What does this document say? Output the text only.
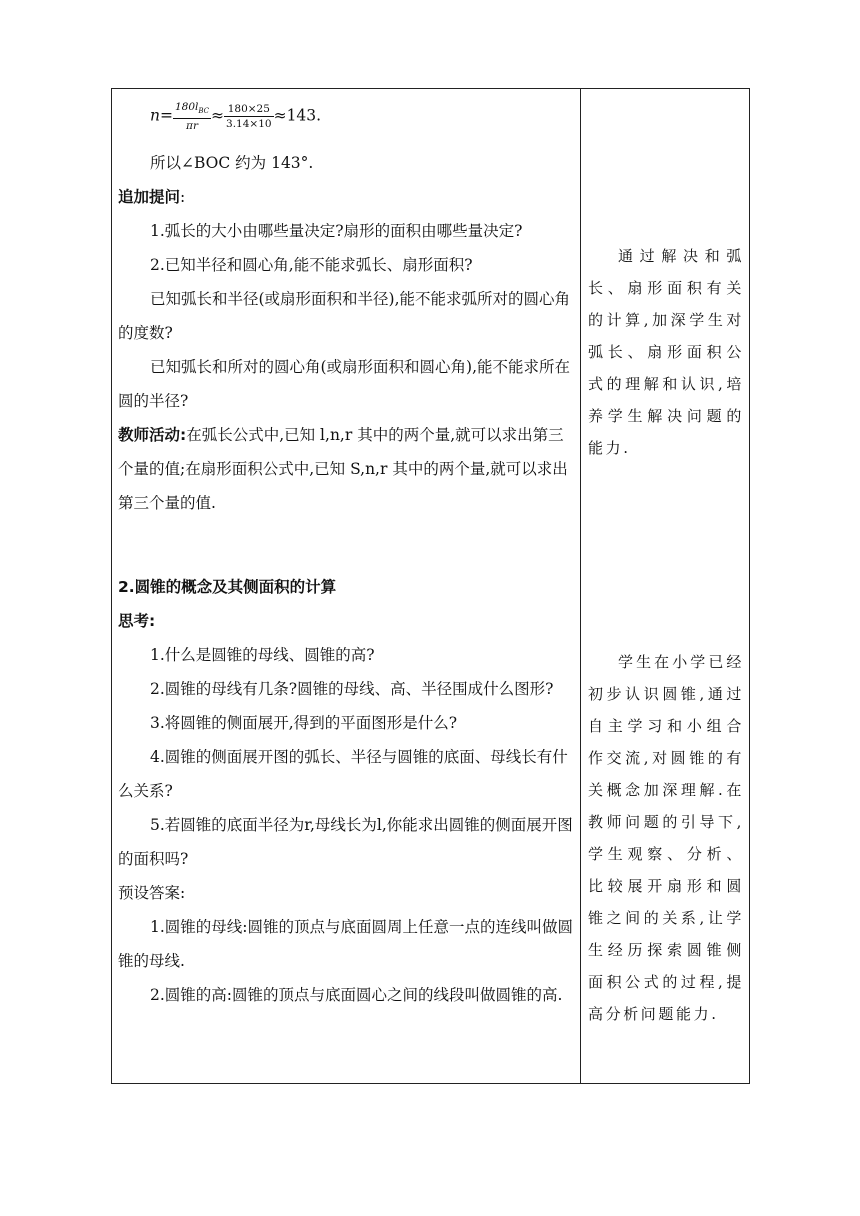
$n= \frac{180l_{BC}}{\pi r} \approx \frac{180\times 25}{3.14\times 10} \approx 143$.

所以∠BOC 约为 143°.

追加提问:

1.弧长的大小由哪些量决定?扇形的面积由哪些量决定?

2.已知半径和圆心角,能不能求弧长、扇形面积?

已知弧长和半径(或扇形面积和半径),能不能求弧所对的圆心角的度数?

已知弧长和所对的圆心角(或扇形面积和圆心角),能不能求所在圆的半径?

教师活动:在弧长公式中,已知 l,n,r 其中的两个量,就可以求出第三个量的值;在扇形面积公式中,已知 S,n,r 其中的两个量,就可以求出第三个量的值.

2.圆锥的概念及其侧面积的计算

思考:

1.什么是圆锥的母线、圆锥的高?

2.圆锥的母线有几条?圆锥的母线、高、半径围成什么图形?

3.将圆锥的侧面展开,得到的平面图形是什么?

4.圆锥的侧面展开图的弧长、半径与圆锥的底面、母线长有什么关系?

5.若圆锥的底面半径为r,母线长为l,你能求出圆锥的侧面展开图的面积吗?

预设答案:

1.圆锥的母线:圆锥的顶点与底面圆周上任意一点的连线叫做圆锥的母线.

2.圆锥的高:圆锥的顶点与底面圆心之间的线段叫做圆锥的高.

通过解决和弧长、扇形面积有关的计算,加深学生对弧长、扇形面积公式的理解和认识,培养学生解决问题的能力.

学生在小学已经初步认识圆锥,通过自主学习和小组合作交流,对圆锥的有关概念加深理解.在教师问题的引导下,学生观察、分析、比较展开扇形和圆锥之间的关系,让学生经历探索圆锥侧面积公式的过程,提高分析问题能力.
